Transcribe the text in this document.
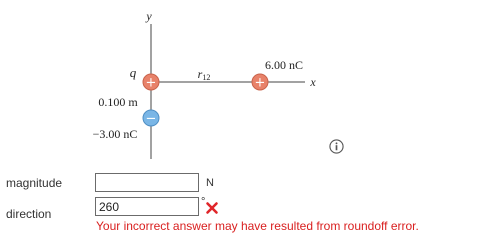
y
x
+
q
+
6.00 nC
r12
0.100 m
−
−3.00 nC
magnitude	N
direction
260
°
Your incorrect answer may have resulted from roundoff error.
